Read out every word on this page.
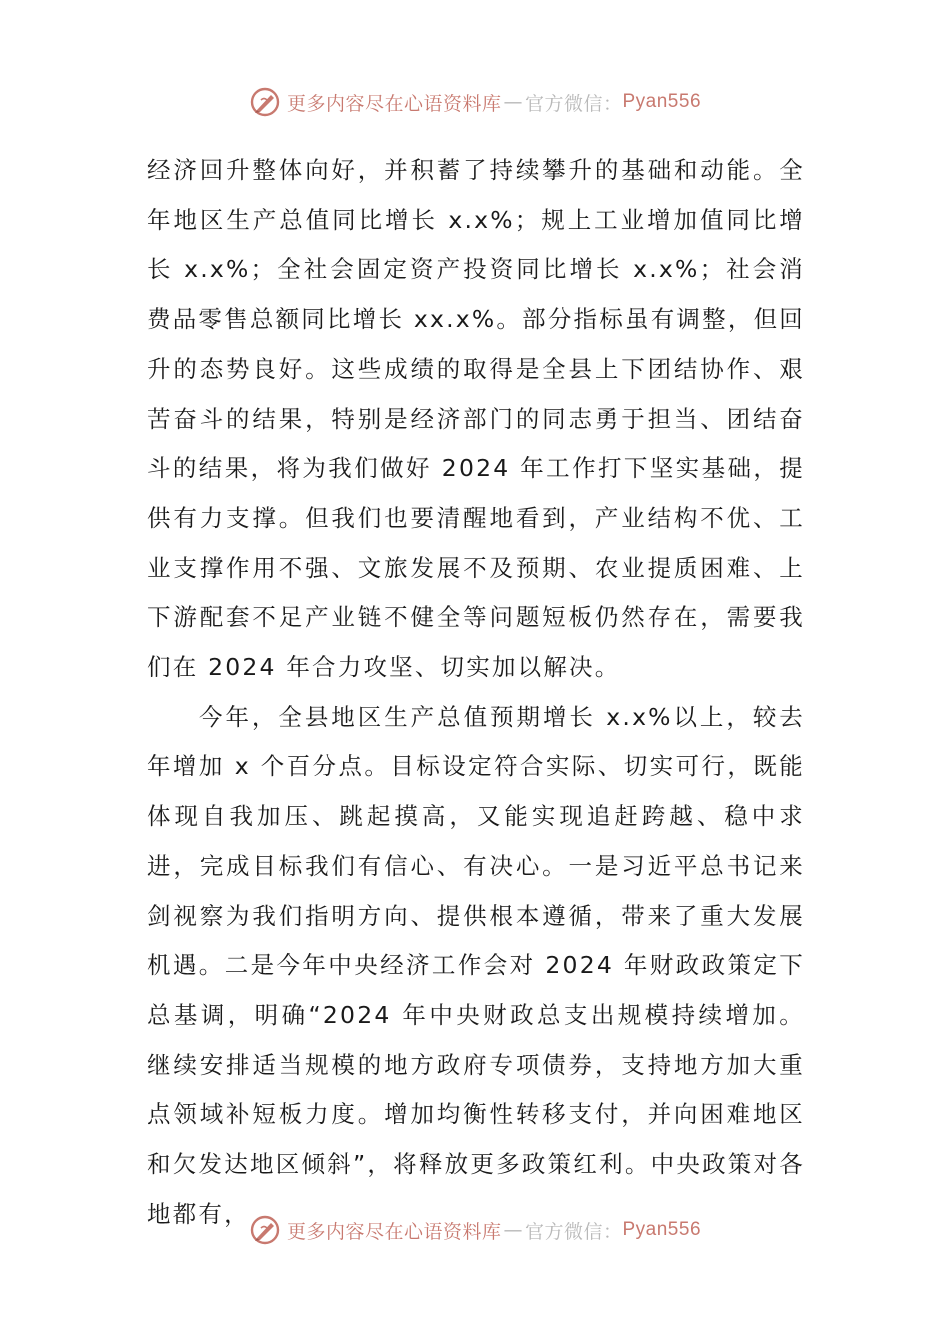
更多内容尽在心语资料库 — 官方微信： Pyan556

经济回升整体向好，并积蓄了持续攀升的基础和动能。全年地区生产总值同比增长 x.x%；规上工业增加值同比增长 x.x%；全社会固定资产投资同比增长 x.x%；社会消费品零售总额同比增长 xx.x%。部分指标虽有调整，但回升的态势良好。这些成绩的取得是全县上下团结协作、艰苦奋斗的结果，特别是经济部门的同志勇于担当、团结奋斗的结果，将为我们做好 2024 年工作打下坚实基础，提供有力支撑。但我们也要清醒地看到，产业结构不优、工业支撑作用不强、文旅发展不及预期、农业提质困难、上下游配套不足产业链不健全等问题短板仍然存在，需要我们在 2024 年合力攻坚、切实加以解决。

今年，全县地区生产总值预期增长 x.x%以上，较去年增加 x 个百分点。目标设定符合实际、切实可行，既能体现自我加压、跳起摸高，又能实现追赶跨越、稳中求进，完成目标我们有信心、有决心。一是习近平总书记来剑视察为我们指明方向、提供根本遵循，带来了重大发展机遇。二是今年中央经济工作会对 2024 年财政政策定下总基调，明确“2024 年中央财政总支出规模持续增加。继续安排适当规模的地方政府专项债券，支持地方加大重点领域补短板力度。增加均衡性转移支付，并向困难地区和欠发达地区倾斜”，将释放更多政策红利。中央政策对各地都有，

更多内容尽在心语资料库 — 官方微信： Pyan556
